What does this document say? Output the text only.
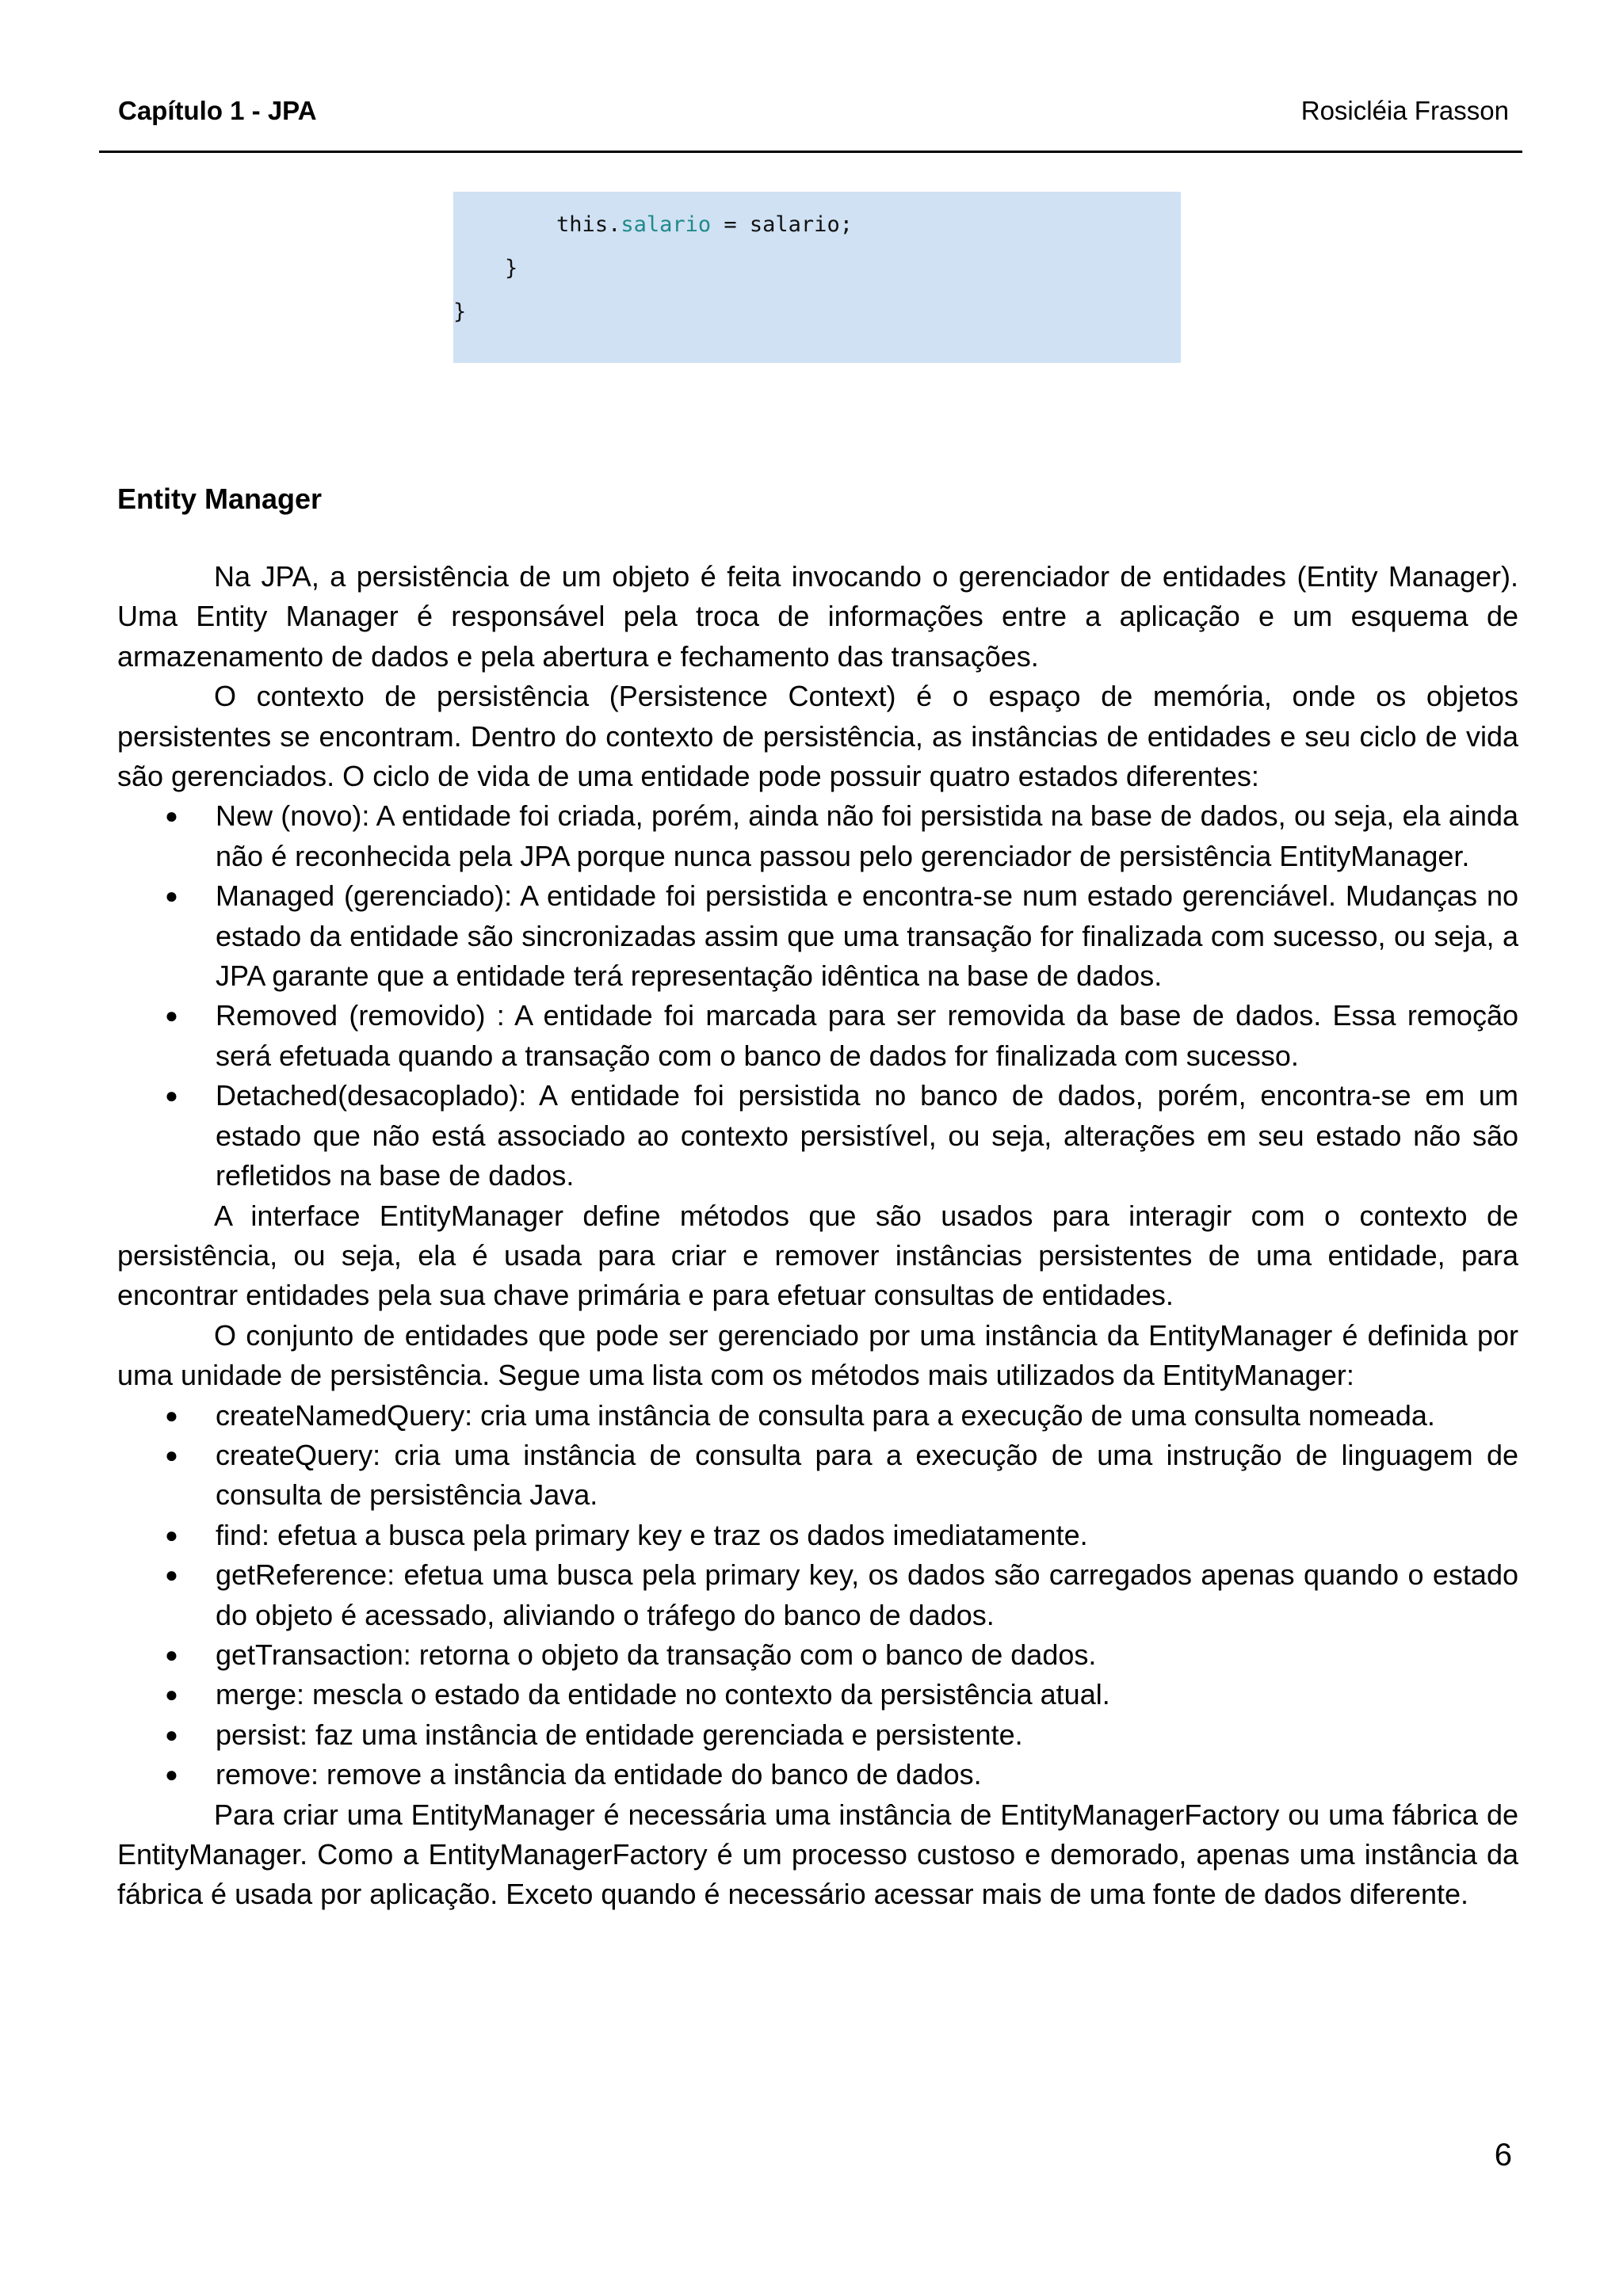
Capítulo 1 - JPA	Rosicléia Frasson
this.salario = salario;
}
}
Entity Manager

Na JPA, a persistência de um objeto é feita invocando o gerenciador de entidades (Entity Manager). Uma Entity Manager é responsável pela troca de informações entre a aplicação e um esquema de armazenamento de dados e pela abertura e fechamento das transações.

O contexto de persistência (Persistence Context) é o espaço de memória, onde os objetos persistentes se encontram. Dentro do contexto de persistência, as instâncias de entidades e seu ciclo de vida são gerenciados. O ciclo de vida de uma entidade pode possuir quatro estados diferentes:

● New (novo): A entidade foi criada, porém, ainda não foi persistida na base de dados, ou seja, ela ainda não é reconhecida pela JPA porque nunca passou pelo gerenciador de persistência EntityManager.
● Managed (gerenciado): A entidade foi persistida e encontra-se num estado gerenciável. Mudanças no estado da entidade são sincronizadas assim que uma transação for finalizada com sucesso, ou seja, a JPA garante que a entidade terá representação idêntica na base de dados.
● Removed (removido) : A entidade foi marcada para ser removida da base de dados. Essa remoção será efetuada quando a transação com o banco de dados for finalizada com sucesso.
● Detached(desacoplado): A entidade foi persistida no banco de dados, porém, encontra-se em um estado que não está associado ao contexto persistível, ou seja, alterações em seu estado não são refletidos na base de dados.

A interface EntityManager define métodos que são usados para interagir com o contexto de persistência, ou seja, ela é usada para criar e remover instâncias persistentes de uma entidade, para encontrar entidades pela sua chave primária e para efetuar consultas de entidades.

O conjunto de entidades que pode ser gerenciado por uma instância da EntityManager é definida por uma unidade de persistência. Segue uma lista com os métodos mais utilizados da EntityManager:

● createNamedQuery: cria uma instância de consulta para a execução de uma consulta nomeada.
● createQuery: cria uma instância de consulta para a execução de uma instrução de linguagem de consulta de persistência Java.
● find: efetua a busca pela primary key e traz os dados imediatamente.
● getReference: efetua uma busca pela primary key, os dados são carregados apenas quando o estado do objeto é acessado, aliviando o tráfego do banco de dados.
● getTransaction: retorna o objeto da transação com o banco de dados.
● merge: mescla o estado da entidade no contexto da persistência atual.
● persist: faz uma instância de entidade gerenciada e persistente.
● remove: remove a instância da entidade do banco de dados.

Para criar uma EntityManager é necessária uma instância de EntityManagerFactory ou uma fábrica de EntityManager. Como a EntityManagerFactory é um processo custoso e demorado, apenas uma instância da fábrica é usada por aplicação. Exceto quando é necessário acessar mais de uma fonte de dados diferente.

6
